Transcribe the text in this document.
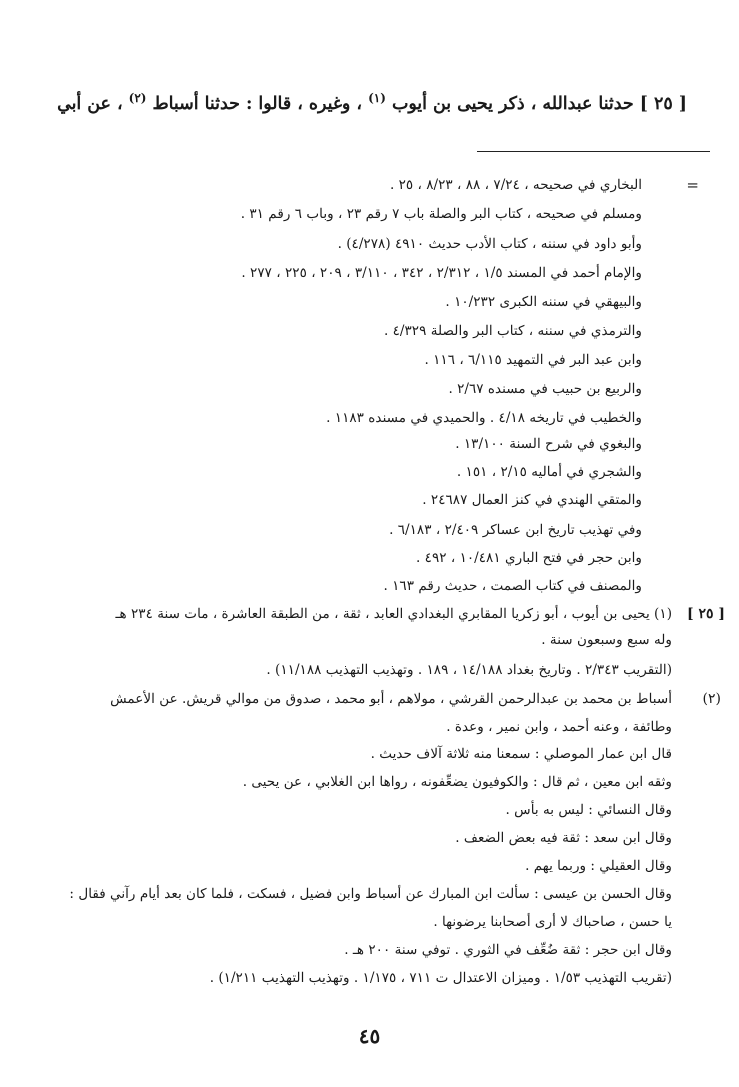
[ ٢٥ ] حدثنا عبدالله ، ذكر يحيى بن أيوب $^{(١)}$ ، وغيره ، قالوا : حدثنا أسباط $^{(٢)}$ ، عن أبي
=
البخاري في صحيحه ، ٧/٢٤ ، ٨٨ ، ٨/٢٣ ، ٢٥ .
ومسلم في صحيحه ، كتاب البر والصلة باب ٧ رقم ٢٣ ، وباب ٦ رقم ٣١ .
وأبو داود في سننه ، كتاب الأدب حديث ٤٩١٠ (٤/٢٧٨) .
والإمام أحمد في المسند ١/٥ ، ٢/٣١٢ ، ٣٤٢ ، ٣/١١٠ ، ٢٠٩ ، ٢٢٥ ، ٢٧٧ .
والبيهقي في سننه الكبرى ١٠/٢٣٢ .
والترمذي في سننه ، كتاب البر والصلة ٤/٣٢٩ .
وابن عبد البر في التمهيد ٦/١١٥ ، ١١٦ .
والربيع بن حبيب في مسنده ٢/٦٧ .
والخطيب في تاريخه ٤/١٨ . والحميدي في مسنده ١١٨٣ .
والبغوي في شرح السنة ١٣/١٠٠ .
والشجري في أماليه ٢/١٥ ، ١٥١ .
والمتقي الهندي في كنز العمال ٢٤٦٨٧ .
وفي تهذيب تاريخ ابن عساكر ٢/٤٠٩ ، ٦/١٨٣ .
وابن حجر في فتح الباري ١٠/٤٨١ ، ٤٩٢ .
والمصنف في كتاب الصمت ، حديث رقم ١٦٣ .
[ ٢٥ ]
(١) يحيى بن أيوب ، أبو زكريا المقابري البغدادي العابد ، ثقة ، من الطبقة العاشرة ، مات سنة ٢٣٤ هـ
وله سبع وسبعون سنة .
(التقريب ٢/٣٤٣ . وتاريخ بغداد ١٤/١٨٨ ، ١٨٩ . وتهذيب التهذيب ١١/١٨٨) .
(٢)
أسباط بن محمد بن عبدالرحمن القرشي ، مولاهم ، أبو محمد ، صدوق من موالي قريش. عن الأعمش
وطائفة ، وعنه أحمد ، وابن نمير ، وعدة .
قال ابن عمار الموصلي : سمعنا منه ثلاثة آلاف حديث .
وثقه ابن معين ، ثم قال : والكوفيون يضعِّفونه ، رواها ابن الغلابي ، عن يحيى .
وقال النسائي : ليس به بأس .
وقال ابن سعد : ثقة فيه بعض الضعف .
وقال العقيلي : وربما يهم .
وقال الحسن بن عيسى : سألت ابن المبارك عن أسباط وابن فضيل ، فسكت ، فلما كان بعد أيام رآني فقال :
يا حسن ، صاحباك لا أرى أصحابنا يرضونها .
وقال ابن حجر : ثقة ضُعِّف في الثوري . توفي سنة ٢٠٠ هـ .
(تقريب التهذيب ١/٥٣ . وميزان الاعتدال ت ٧١١ ، ١/١٧٥ . وتهذيب التهذيب ١/٢١١) .
٤٥
